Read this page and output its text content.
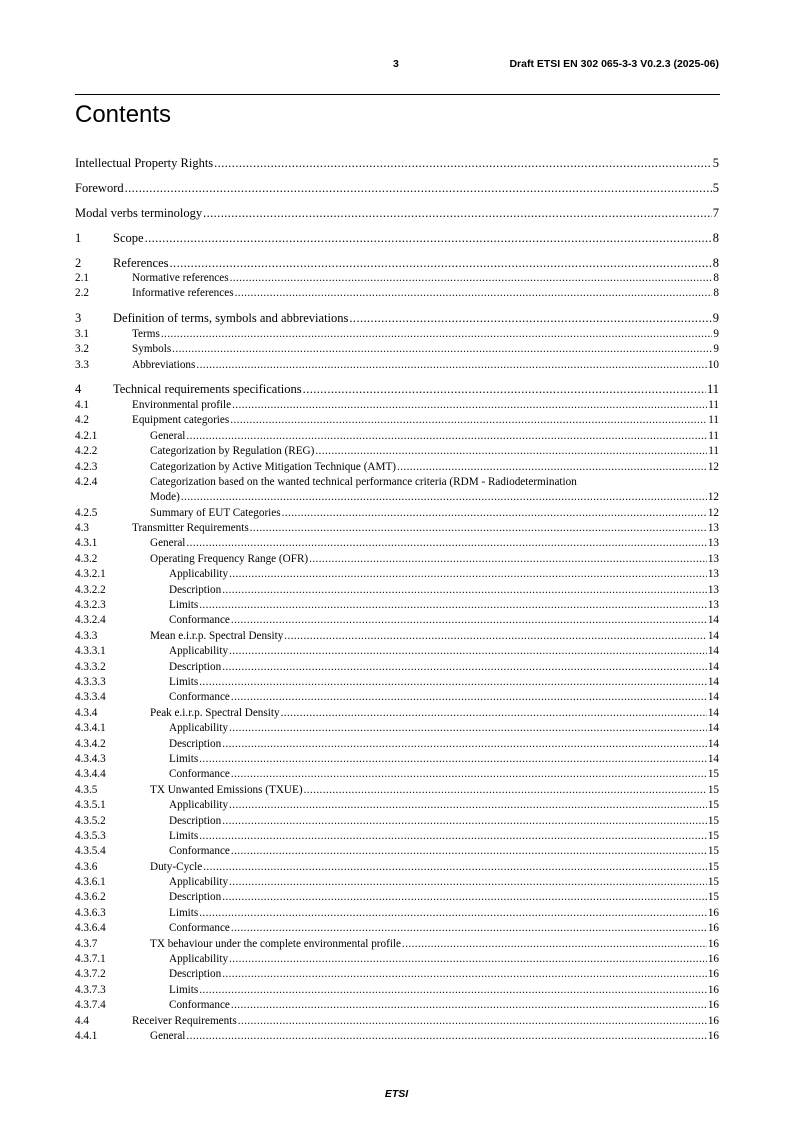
3	Draft ETSI EN 302 065-3-3 V0.2.3 (2025-06)
Contents
Intellectual Property Rights .....	5
Foreword .....	5
Modal verbs terminology .....	7
1	Scope .....	8
2	References .....	8
2.1	Normative references .....	8
2.2	Informative references .....	8
3	Definition of terms, symbols and abbreviations .....	9
3.1	Terms .....	9
3.2	Symbols .....	9
3.3	Abbreviations .....	10
4	Technical requirements specifications .....	11
4.1	Environmental profile .....	11
4.2	Equipment categories .....	11
4.2.1	General .....	11
4.2.2	Categorization by Regulation (REG) .....	11
4.2.3	Categorization by Active Mitigation Technique (AMT) .....	12
4.2.4	Categorization based on the wanted technical performance criteria (RDM - Radiodetermination
Mode) .....	12
4.2.5	Summary of EUT Categories .....	12
4.3	Transmitter Requirements .....	13
4.3.1	General .....	13
4.3.2	Operating Frequency Range (OFR) .....	13
4.3.2.1	Applicability .....	13
4.3.2.2	Description .....	13
4.3.2.3	Limits .....	13
4.3.2.4	Conformance .....	14
4.3.3	Mean e.i.r.p. Spectral Density .....	14
4.3.3.1	Applicability .....	14
4.3.3.2	Description .....	14
4.3.3.3	Limits .....	14
4.3.3.4	Conformance .....	14
4.3.4	Peak e.i.r.p. Spectral Density .....	14
4.3.4.1	Applicability .....	14
4.3.4.2	Description .....	14
4.3.4.3	Limits .....	14
4.3.4.4	Conformance .....	15
4.3.5	TX Unwanted Emissions (TXUE) .....	15
4.3.5.1	Applicability .....	15
4.3.5.2	Description .....	15
4.3.5.3	Limits .....	15
4.3.5.4	Conformance .....	15
4.3.6	Duty-Cycle .....	15
4.3.6.1	Applicability .....	15
4.3.6.2	Description .....	15
4.3.6.3	Limits .....	16
4.3.6.4	Conformance .....	16
4.3.7	TX behaviour under the complete environmental profile .....	16
4.3.7.1	Applicability .....	16
4.3.7.2	Description .....	16
4.3.7.3	Limits .....	16
4.3.7.4	Conformance .....	16
4.4	Receiver Requirements .....	16
4.4.1	General .....	16
ETSI
